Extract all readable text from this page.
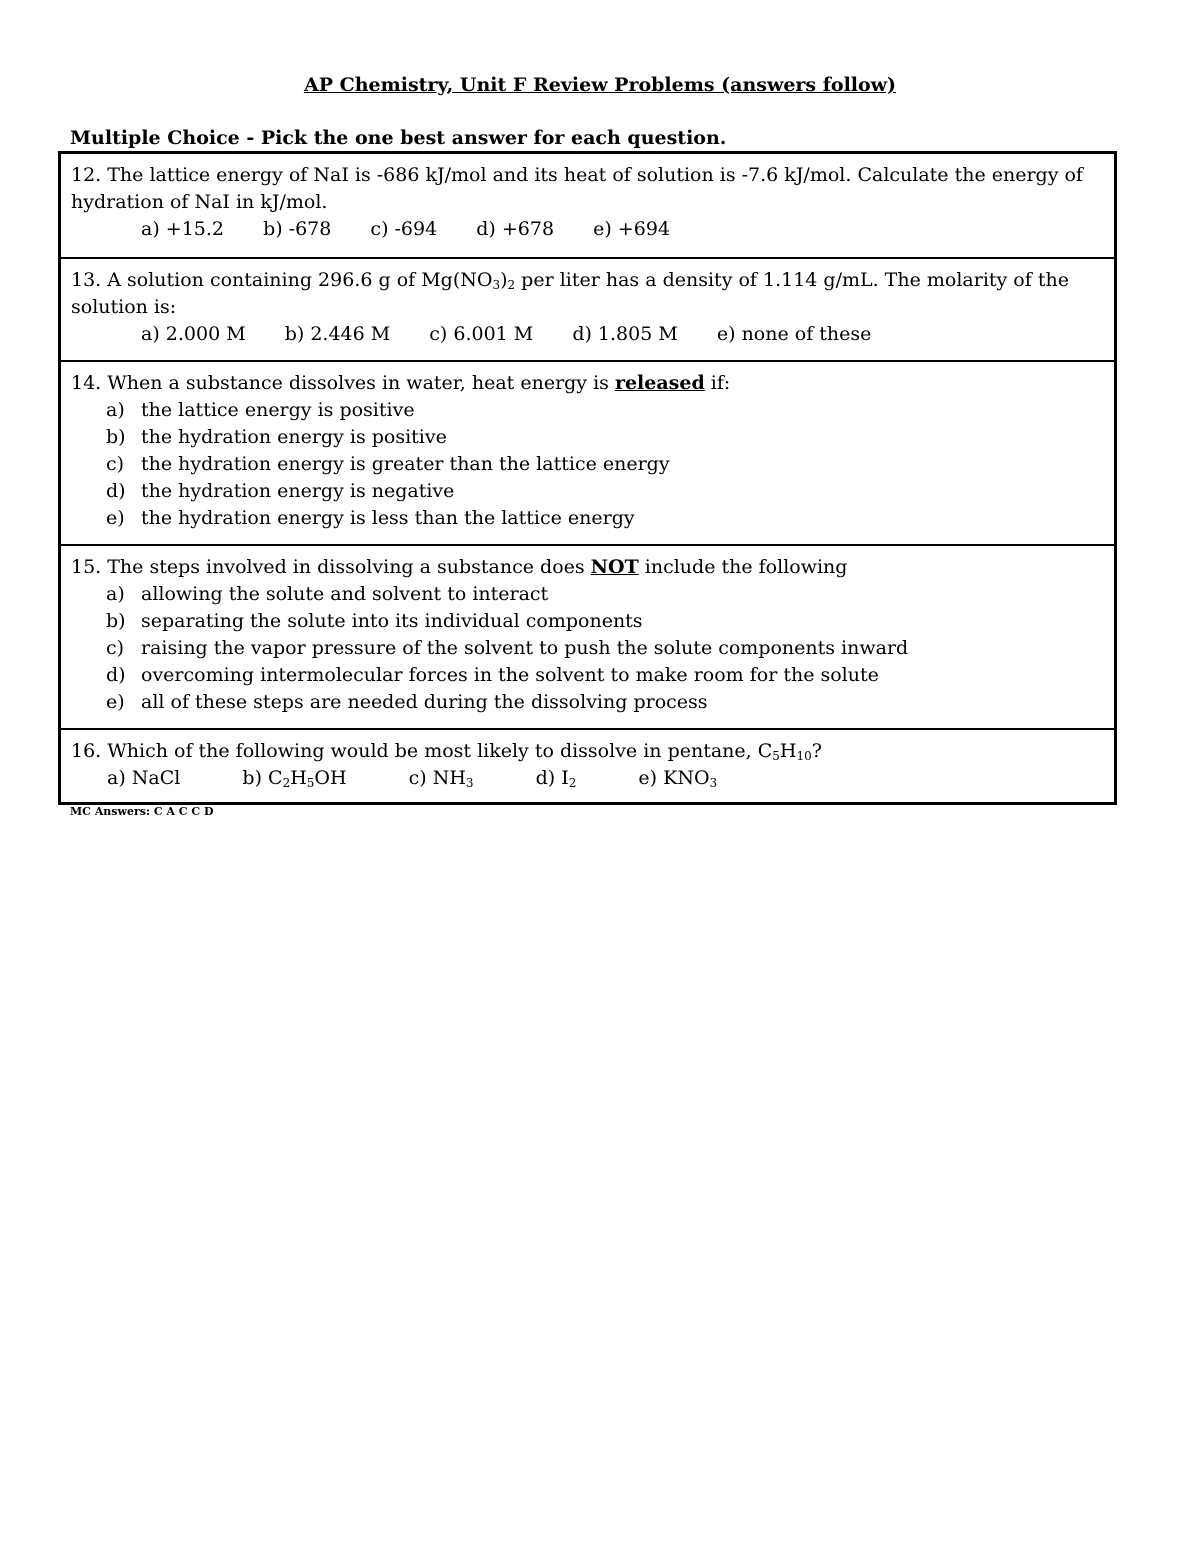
AP Chemistry, Unit F Review Problems (answers follow)
Multiple Choice - Pick the one best answer for each question.

12. The lattice energy of NaI is -686 kJ/mol and its heat of solution is -7.6 kJ/mol. Calculate the energy of hydration of NaI in kJ/mol.

a) +15.2 b) -678 c) -694 d) +678 e) +694

13. A solution containing 296.6 g of $Mg(NO_3)_2$ per liter has a density of 1.114 g/mL. The molarity of the solution is:

a) 2.000 M b) 2.446 M c) 6.001 M d) 1.805 M e) none of these

14. When a substance dissolves in water, heat energy is released if:

a) the lattice energy is positive
b) the hydration energy is positive
c) the hydration energy is greater than the lattice energy
d) the hydration energy is negative
e) the hydration energy is less than the lattice energy

15. The steps involved in dissolving a substance does NOT include the following

a) allowing the solute and solvent to interact
b) separating the solute into its individual components
c) raising the vapor pressure of the solvent to push the solute components inward
d) overcoming intermolecular forces in the solvent to make room for the solute
e) all of these steps are needed during the dissolving process

16. Which of the following would be most likely to dissolve in pentane, $C_5H_{10}$?

a) NaCl	b) $C_2H_5OH$	c) $NH_3$	d) $I_2$	e) $KNO_3$

MC Answers: C A C C D
